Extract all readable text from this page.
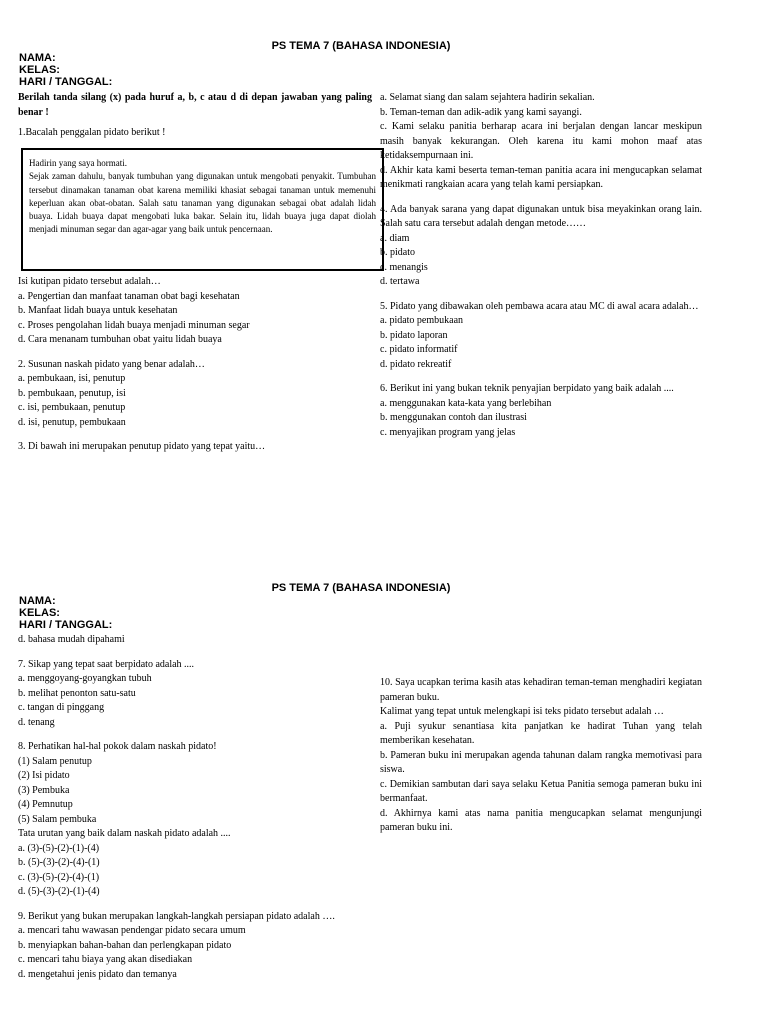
PS TEMA 7 (BAHASA INDONESIA)
NAMA:
KELAS:
HARI / TANGGAL:
Berilah tanda silang (x) pada huruf a, b, c atau d di depan jawaban yang paling benar !
1.Bacalah penggalan pidato berikut !
Hadirin yang saya hormati.
Sejak zaman dahulu, banyak tumbuhan yang digunakan untuk mengobati penyakit. Tumbuhan tersebut dinamakan tanaman obat karena memiliki khasiat sebagai tanaman untuk memenuhi keperluan akan obat-obatan. Salah satu tanaman yang digunakan sebagai obat adalah lidah buaya. Lidah buaya dapat mengobati luka bakar. Selain itu, lidah buaya juga dapat diolah menjadi minuman segar dan agar-agar yang baik untuk pencernaan.
Isi kutipan pidato tersebut adalah…
a. Pengertian dan manfaat tanaman obat bagi kesehatan
b. Manfaat lidah buaya untuk kesehatan
c. Proses pengolahan lidah buaya menjadi minuman segar
d. Cara menanam tumbuhan obat yaitu lidah buaya
2. Susunan naskah pidato yang benar adalah…
a. pembukaan, isi, penutup
b. pembukaan, penutup, isi
c. isi, pembukaan, penutup
d. isi, penutup, pembukaan
3. Di bawah ini merupakan penutup pidato yang tepat yaitu…
a. Selamat siang dan salam sejahtera hadirin sekalian.
b. Teman-teman dan adik-adik yang kami sayangi.
c. Kami selaku panitia berharap acara ini berjalan dengan lancar meskipun masih banyak kekurangan. Oleh karena itu kami mohon maaf atas ketidaksempurnaan ini.
d. Akhir kata kami beserta teman-teman panitia acara ini mengucapkan selamat menikmati rangkaian acara yang telah kami persiapkan.
4. Ada banyak sarana yang dapat digunakan untuk bisa meyakinkan orang lain. Salah satu cara tersebut adalah dengan metode……
a. diam
b. pidato
c. menangis
d. tertawa
5. Pidato yang dibawakan oleh pembawa acara atau MC di awal acara adalah…
a. pidato pembukaan
b. pidato laporan
c. pidato informatif
d. pidato rekreatif
6. Berikut ini yang bukan teknik penyajian berpidato yang baik adalah ....
a. menggunakan kata-kata yang berlebihan
b. menggunakan contoh dan ilustrasi
c. menyajikan program yang jelas
PS TEMA 7 (BAHASA INDONESIA)
NAMA:
KELAS:
HARI / TANGGAL:
d. bahasa mudah dipahami
7. Sikap yang tepat saat berpidato adalah ....
a. menggoyang-goyangkan tubuh
b. melihat penonton satu-satu
c. tangan di pinggang
d. tenang
8. Perhatikan hal-hal pokok dalam naskah pidato!
(1) Salam penutup
(2) Isi pidato
(3) Pembuka
(4) Pemnutup
(5) Salam pembuka
Tata urutan yang baik dalam naskah pidato adalah ....
a. (3)-(5)-(2)-(1)-(4)
b. (5)-(3)-(2)-(4)-(1)
c. (3)-(5)-(2)-(4)-(1)
d. (5)-(3)-(2)-(1)-(4)
9. Berikut yang bukan merupakan langkah-langkah persiapan pidato adalah ….
a. mencari tahu wawasan pendengar pidato secara umum
b. menyiapkan bahan-bahan dan perlengkapan pidato
c. mencari tahu biaya yang akan disediakan
d. mengetahui jenis pidato dan temanya
10. Saya ucapkan terima kasih atas kehadiran teman-teman menghadiri kegiatan pameran buku.
Kalimat yang tepat untuk melengkapi isi teks pidato tersebut adalah …
a. Puji syukur senantiasa kita panjatkan ke hadirat Tuhan yang telah memberikan kesehatan.
b. Pameran buku ini merupakan agenda tahunan dalam rangka memotivasi para siswa.
c. Demikian sambutan dari saya selaku Ketua Panitia semoga pameran buku ini bermanfaat.
d. Akhirnya kami atas nama panitia mengucapkan selamat mengunjungi pameran buku ini.
